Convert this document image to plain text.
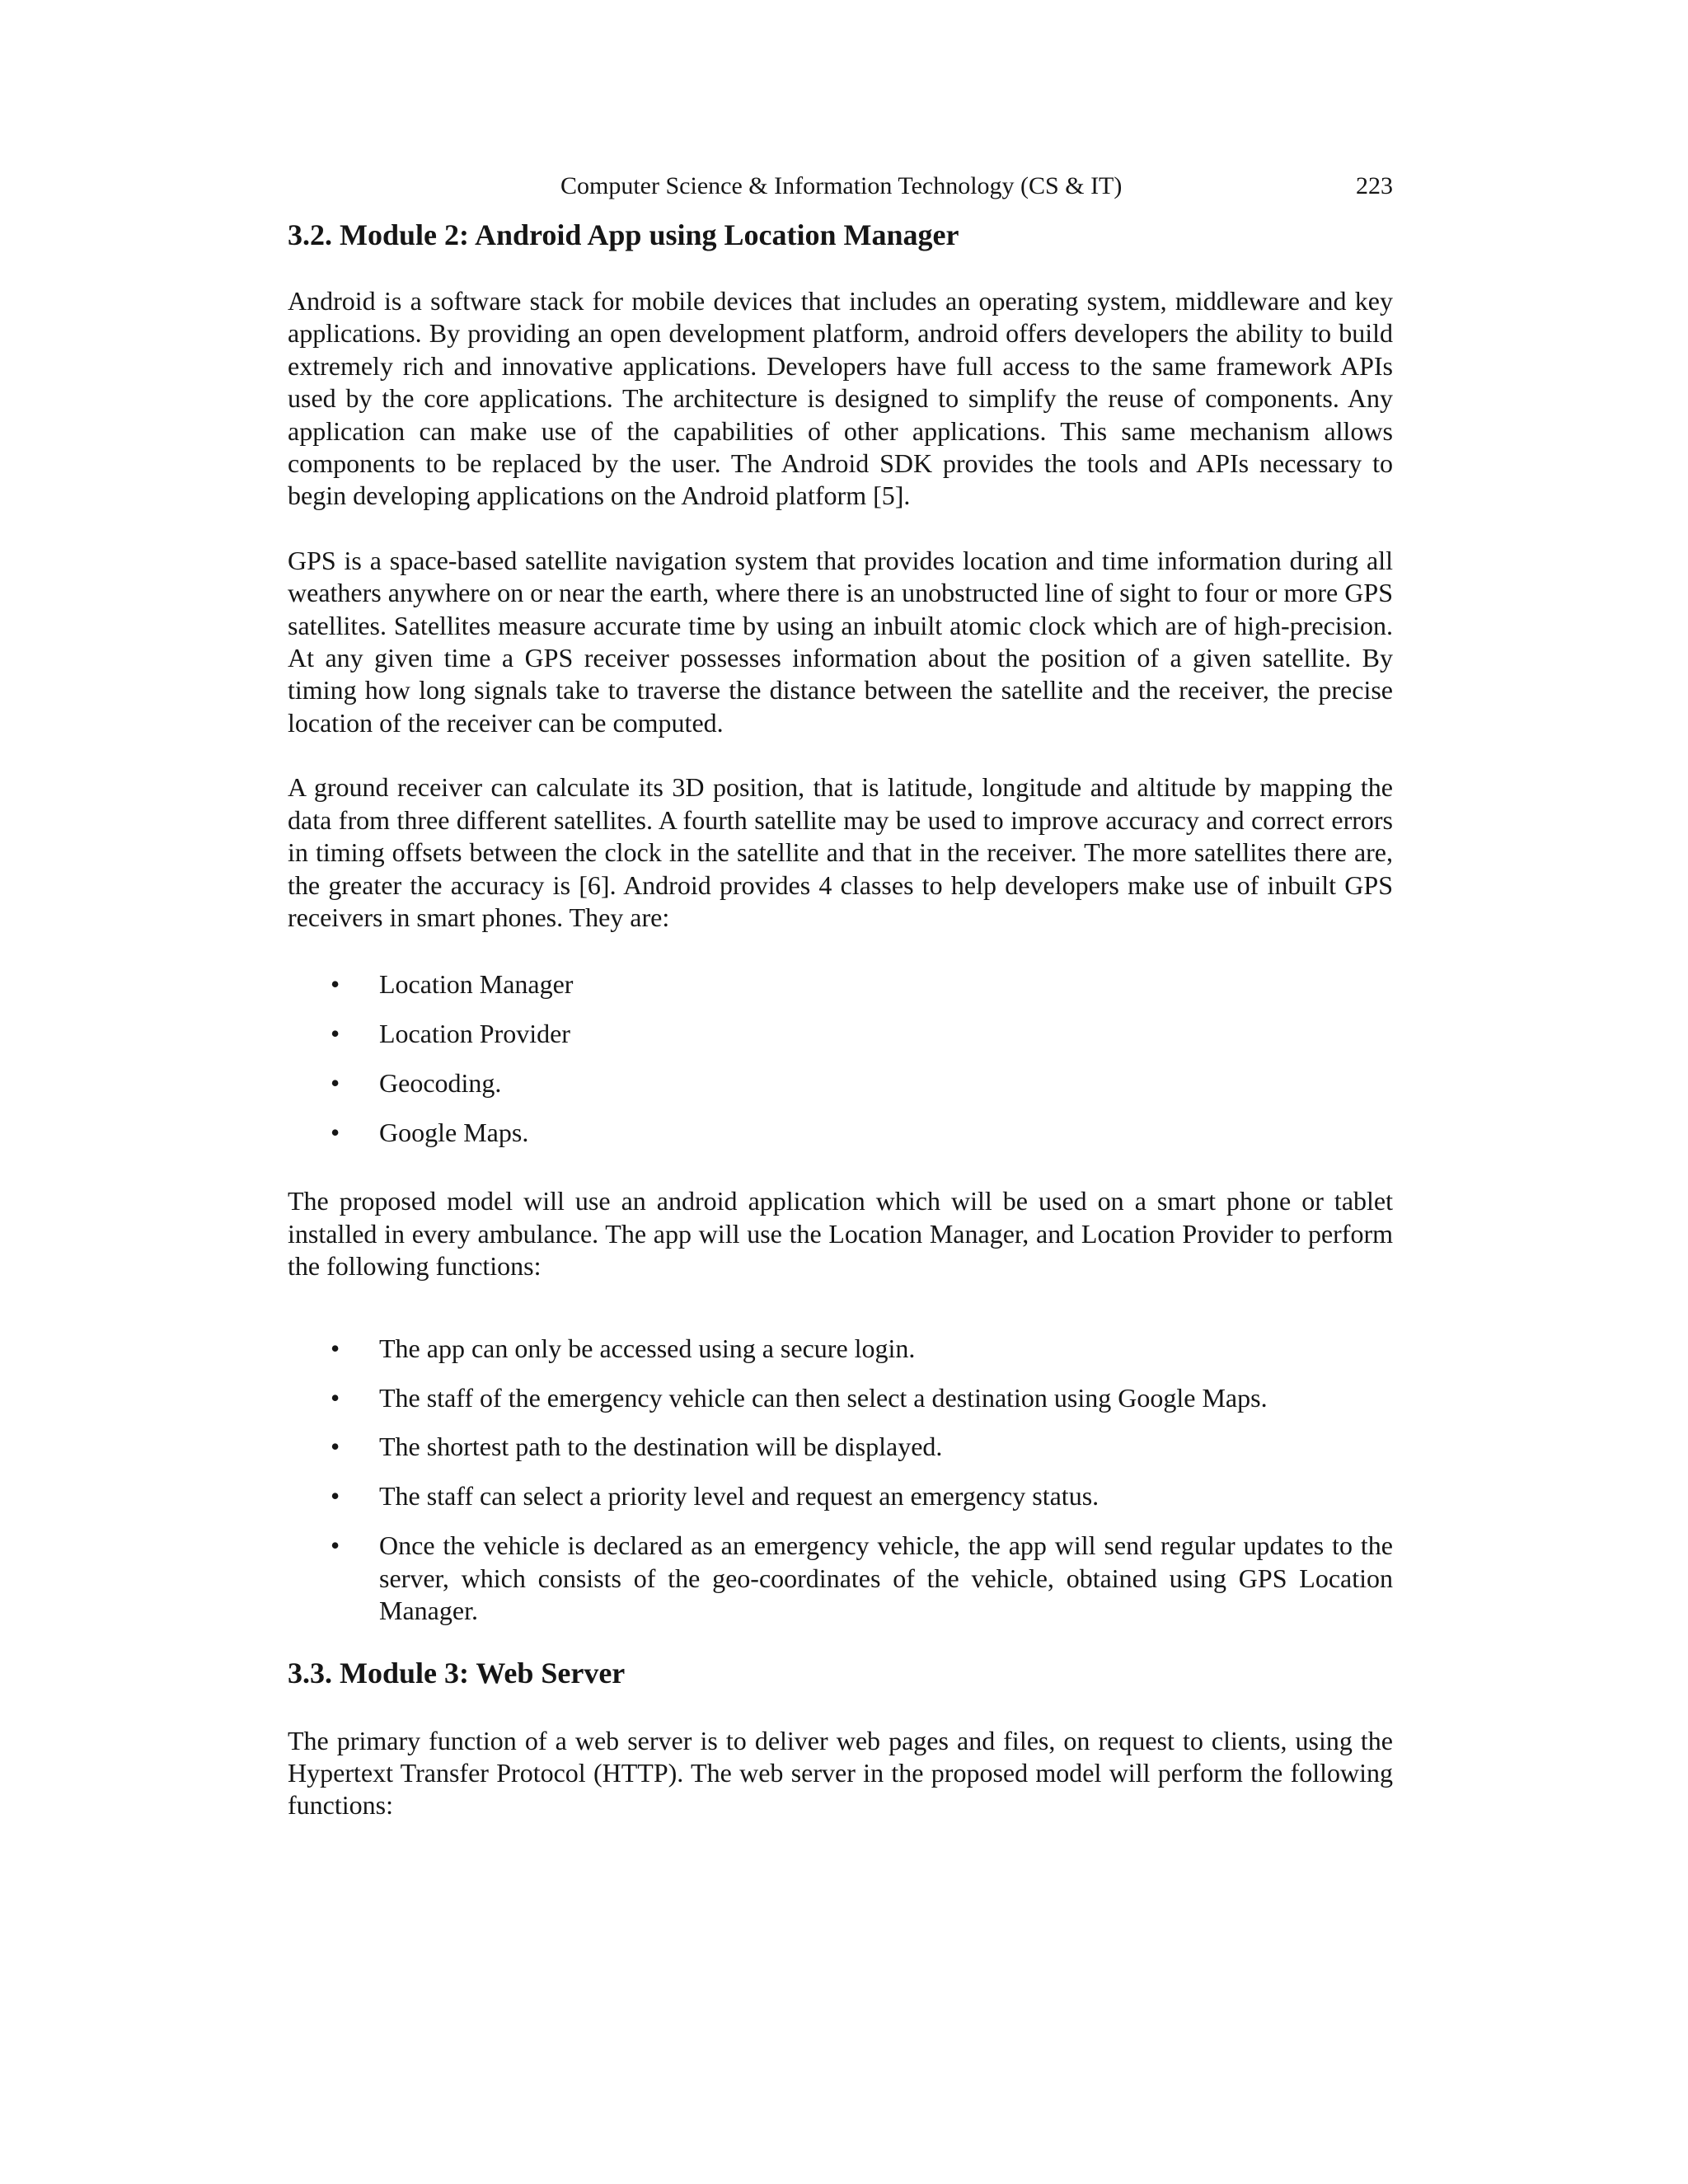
Computer Science & Information Technology (CS & IT)	223
3.2. Module 2: Android App using Location Manager

Android is a software stack for mobile devices that includes an operating system, middleware and key applications. By providing an open development platform, android offers developers the ability to build extremely rich and innovative applications. Developers have full access to the same framework APIs used by the core applications. The architecture is designed to simplify the reuse of components. Any application can make use of the capabilities of other applications. This same mechanism allows components to be replaced by the user. The Android SDK provides the tools and APIs necessary to begin developing applications on the Android platform [5].

GPS is a space-based satellite navigation system that provides location and time information during all weathers anywhere on or near the earth, where there is an unobstructed line of sight to four or more GPS satellites. Satellites measure accurate time by using an inbuilt atomic clock which are of high-precision. At any given time a GPS receiver possesses information about the position of a given satellite. By timing how long signals take to traverse the distance between the satellite and the receiver, the precise location of the receiver can be computed.

A ground receiver can calculate its 3D position, that is latitude, longitude and altitude by mapping the data from three different satellites. A fourth satellite may be used to improve accuracy and correct errors in timing offsets between the clock in the satellite and that in the receiver. The more satellites there are, the greater the accuracy is [6]. Android provides 4 classes to help developers make use of inbuilt GPS receivers in smart phones. They are:

• Location Manager
• Location Provider
• Geocoding.
• Google Maps.

The proposed model will use an android application which will be used on a smart phone or tablet installed in every ambulance. The app will use the Location Manager, and Location Provider to perform the following functions:

• The app can only be accessed using a secure login.
• The staff of the emergency vehicle can then select a destination using Google Maps.
• The shortest path to the destination will be displayed.
• The staff can select a priority level and request an emergency status.
• Once the vehicle is declared as an emergency vehicle, the app will send regular updates to the server, which consists of the geo-coordinates of the vehicle, obtained using GPS Location Manager.
3.3. Module 3: Web Server

The primary function of a web server is to deliver web pages and files, on request to clients, using the Hypertext Transfer Protocol (HTTP). The web server in the proposed model will perform the following functions:
